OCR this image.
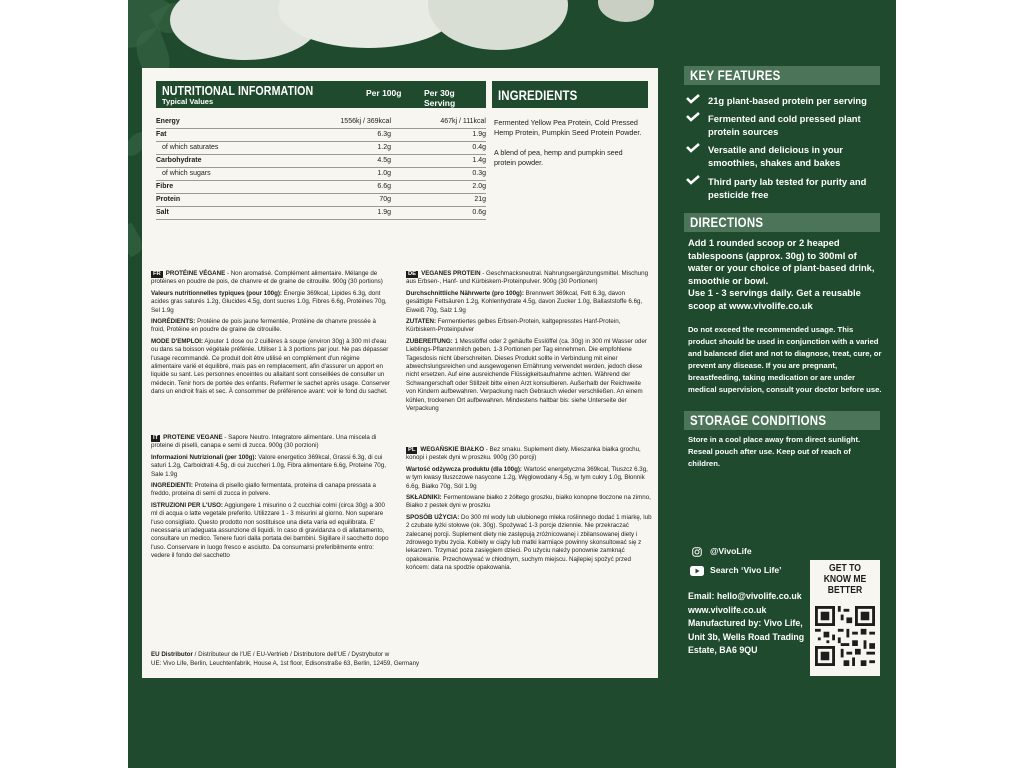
NUTRITIONAL INFORMATION
Typical Values
Per 100g	Per 30g Serving
Energy	1556kj / 369kcal	467kj / 111kcal
Fat	6.3g	1.9g
of which saturates	1.2g	0.4g
Carbohydrate	4.5g	1.4g
of which sugars	1.0g	0.3g
Fibre	6.6g	2.0g
Protein	70g	21g
Salt	1.9g	0.6g
INGREDIENTS

Fermented Yellow Pea Protein, Cold Pressed Hemp Protein, Pumpkin Seed Protein Powder.

A blend of pea, hemp and pumpkin seed protein powder.

FR PROTÉINE VÉGANE - Non aromatisé. Complément alimentaire. Mélange de protéines en poudre de pois, de chanvre et de graine de citrouille. 900g (30 portions)

Valeurs nutritionnelles typiques (pour 100g): Énergie 369kcal, Lipides 6.3g, dont acides gras saturés 1.2g, Glucides 4.5g, dont sucres 1.0g, Fibres 6.6g, Protéines 70g, Sel 1.9g

INGRÉDIENTS: Protéine de pois jaune fermentée, Protéine de chanvre pressée à froid, Protéine en poudre de graine de citrouille.

MODE D'EMPLOI: Ajouter 1 dose ou 2 cuillères à soupe (environ 30g) à 300 ml d'eau ou dans sa boisson végétale préférée. Utiliser 1 à 3 portions par jour. Ne pas dépasser l'usage recommandé. Ce produit doit être utilisé en complément d'un régime alimentaire varié et équilibré, mais pas en remplacement, afin d'assurer un apport en liquide su sant. Les personnes enceintes ou allaitant sont conseillées de consulter un médecin. Tenir hors de portée des enfants. Refermer le sachet après usage. Conserver dans un endroit frais et sec. À consommer de préférence avant: voir le fond du sachet.

IT PROTEINE VEGANE - Sapore Neutro. Integratore alimentare. Una miscela di proteine di piselli, canapa e semi di zucca. 900g (30 porzioni)

Informazioni Nutrizionali (per 100g): Valore energetico 369kcal, Grassi 6.3g, di cui saturi 1.2g, Carboidrati 4.5g, di cui zuccheri 1.0g, Fibra alimentare 6.6g, Proteine 70g, Sale 1.9g

INGREDIENTI: Proteina di pisello giallo fermentata, proteina di canapa pressata a freddo, proteina di semi di zucca in polvere.

ISTRUZIONI PER L'USO: Aggiungere 1 misurino o 2 cucchiai colmi (circa 30g) a 300 ml di acqua o latte vegetale preferito. Utilizzare 1 - 3 misurini al giorno. Non superare l'uso consigliato. Questo prodotto non sostituisce una dieta varia ed equilibrata. E' necessaria un'adeguata assunzione di liquidi. In caso di gravidanza o di allattamento, consultare un medico. Tenere fuori dalla portata dei bambini. Sigillare il sacchetto dopo l'uso. Conservare in luogo fresco e asciutto. Da consumarsi preferibilmente entro: vedere il fondo del sacchetto

DE VEGANES PROTEIN - Geschmacksneutral. Nahrungsergänzungsmittel. Mischung aus Erbsen-, Hanf- und Kürbiskern-Proteinpulver. 900g (30 Portionen)

Durchschnittliche Nährwerte (pro 100g): Brennwert 369kcal, Fett 6.3g, davon gesättigte Fettsäuren 1.2g, Kohlenhydrate 4.5g, davon Zucker 1.0g, Ballaststoffe 6.6g, Eiweiß 70g, Salz 1.9g

ZUTATEN: Fermentiertes gelbes Erbsen-Protein, kaltgepresstes Hanf-Protein, Kürbiskern-Proteinpulver

ZUBEREITUNG: 1 Messlöffel oder 2 gehäufte Esslöffel (ca. 30g) in 300 ml Wasser oder Lieblings-Pflanzenmilch geben. 1-3 Portionen per Tag einnehmen. Die empfohlene Tagesdosis nicht überschreiten. Dieses Produkt sollte in Verbindung mit einer abwechslungsreichen und ausgewogenen Ernährung verwendet werden, jedoch diese nicht ersetzen. Auf eine ausreichende Flüssigkeitsaufnahme achten. Während der Schwangerschaft oder Stillzeit bitte einen Arzt konsultieren. Außerhalb der Reichweite von Kindern aufbewahren. Verpackung nach Gebrauch wieder verschließen. An einem kühlen, trockenen Ort aufbewahren. Mindestens haltbar bis: siehe Unterseite der Verpackung

PL WEGAŃSKIE BIAŁKO - Bez smaku. Suplement diety. Mieszanka białka grochu, konopi i pestek dyni w proszku. 900g (30 porcji)

Wartość odżywcza produktu (dla 100g): Wartość energetyczna 369kcal, Tłuszcz 6.3g, w tym kwasy tłuszczowe nasycone 1.2g, Węglowodany 4.5g, w tym cukry 1.0g, Błonnik 6.6g, Białko 70g, Sól 1.9g

SKŁADNIKI: Fermentowane białko z żółtego groszku, białko konopne tłoczone na zimno, Białko z pestek dyni w proszku

SPOSÓB UŻYCIA: Do 300 ml wody lub ulubionego mleka roślinnego dodać 1 miarkę, lub 2 czubate łyżki stołowe (ok. 30g). Spożywać 1-3 porcje dziennie. Nie przekraczać zalecanej porcji. Suplement diety nie zastępują zróżnicowanej i zbilansowanej diety i zdrowego trybu życia. Kobiety w ciąży lub matki karmiące powinny skonsultować się z lekarzem. Trzymać poza zasięgiem dzieci. Po użyciu należy ponownie zamknąć opakowanie. Przechowywać w chłodnym, suchym miejscu. Najlepiej spożyć przed końcem: data na spodzie opakowania.

EU Distributor / Distributeur de l'UE / EU-Vertrieb / Distributore dell'UE / Dystrybutor w
UE: Vivo Life, Berlin, Leuchtenfabrik, House A, 1st floor, Edisonstraße 63, Berlin, 12459, Germany
KEY FEATURES
21g plant-based protein per serving
Fermented and cold pressed plant protein sources
Versatile and delicious in your smoothies, shakes and bakes
Third party lab tested for purity and pesticide free
DIRECTIONS
Add 1 rounded scoop or 2 heaped tablespoons (approx. 30g) to 300ml of water or your choice of plant-based drink, smoothie or bowl.
Use 1 - 3 servings daily. Get a reusable scoop at www.vivolife.co.uk
Do not exceed the recommended usage. This product should be used in conjunction with a varied and balanced diet and not to diagnose, treat, cure, or prevent any disease. If you are pregnant, breastfeeding, taking medication or are under medical supervision, consult your doctor before use.
STORAGE CONDITIONS
Store in a cool place away from direct sunlight. Reseal pouch after use. Keep out of reach of children.
@VivoLife
Search ‘Vivo Life’
Email: hello@vivolife.co.uk
www.vivolife.co.uk
Manufactured by: Vivo Life, Unit 3b, Wells Road Trading Estate, BA6 9QU
GET TO KNOW ME BETTER
